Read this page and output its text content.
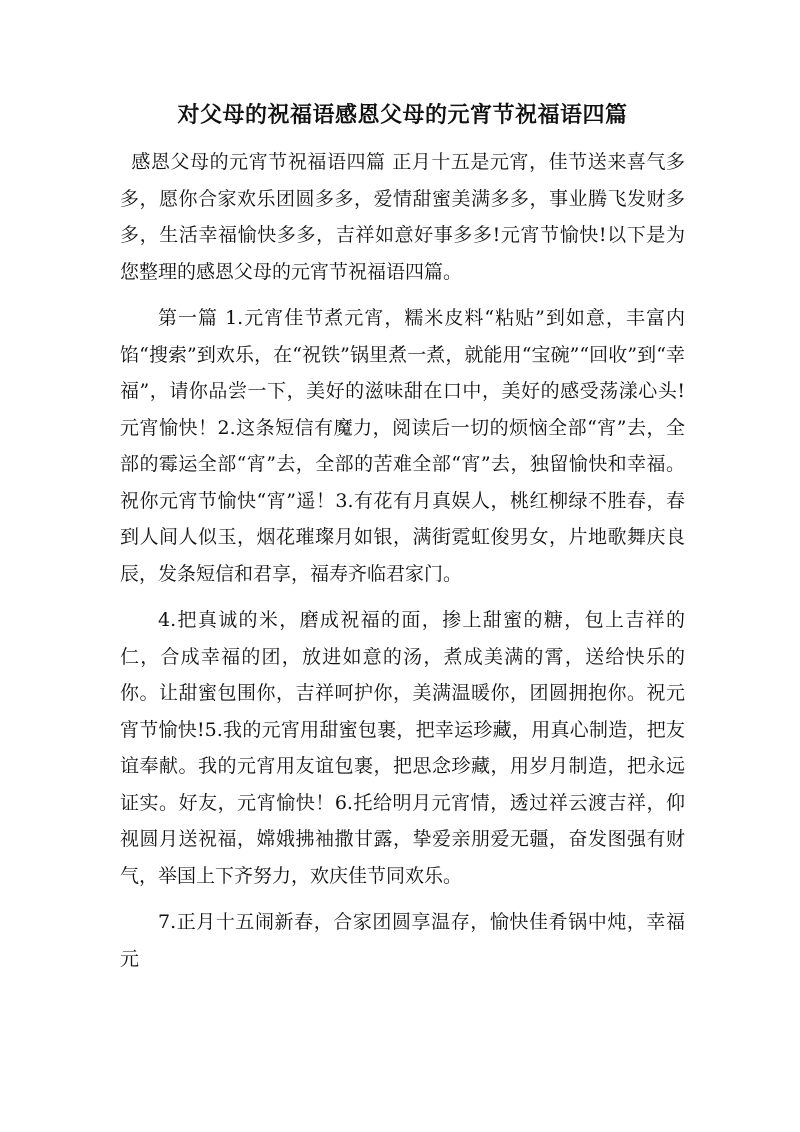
对父母的祝福语感恩父母的元宵节祝福语四篇

感恩父母的元宵节祝福语四篇 正月十五是元宵，佳节送来喜气多多，愿你合家欢乐团圆多多，爱情甜蜜美满多多，事业腾飞发财多多，生活幸福愉快多多，吉祥如意好事多多!元宵节愉快!以下是为您整理的感恩父母的元宵节祝福语四篇。

第一篇 1.元宵佳节煮元宵，糯米皮料“粘贴”到如意，丰富内馅“搜索”到欢乐，在“祝铁”锅里煮一煮，就能用“宝碗”“回收”到“幸福”，请你品尝一下，美好的滋味甜在口中，美好的感受荡漾心头!元宵愉快！2.这条短信有魔力，阅读后一切的烦恼全部“宵”去，全部的霉运全部“宵”去，全部的苦难全部“宵”去，独留愉快和幸福。祝你元宵节愉快“宵”遥！3.有花有月真娱人，桃红柳绿不胜春，春到人间人似玉，烟花璀璨月如银，满街霓虹俊男女，片地歌舞庆良辰，发条短信和君享，福寿齐临君家门。

4.把真诚的米，磨成祝福的面，掺上甜蜜的糖，包上吉祥的仁，合成幸福的团，放进如意的汤，煮成美满的霄，送给快乐的你。让甜蜜包围你，吉祥呵护你，美满温暖你，团圆拥抱你。祝元宵节愉快!5.我的元宵用甜蜜包裹，把幸运珍藏，用真心制造，把友谊奉献。我的元宵用友谊包裹，把思念珍藏，用岁月制造，把永远证实。好友，元宵愉快！6.托给明月元宵情，透过祥云渡吉祥，仰视圆月送祝福，嫦娥拂袖撒甘露，挚爱亲朋爱无疆，奋发图强有财气，举国上下齐努力，欢庆佳节同欢乐。

7.正月十五闹新春，合家团圆享温存，愉快佳肴锅中炖，幸福元
